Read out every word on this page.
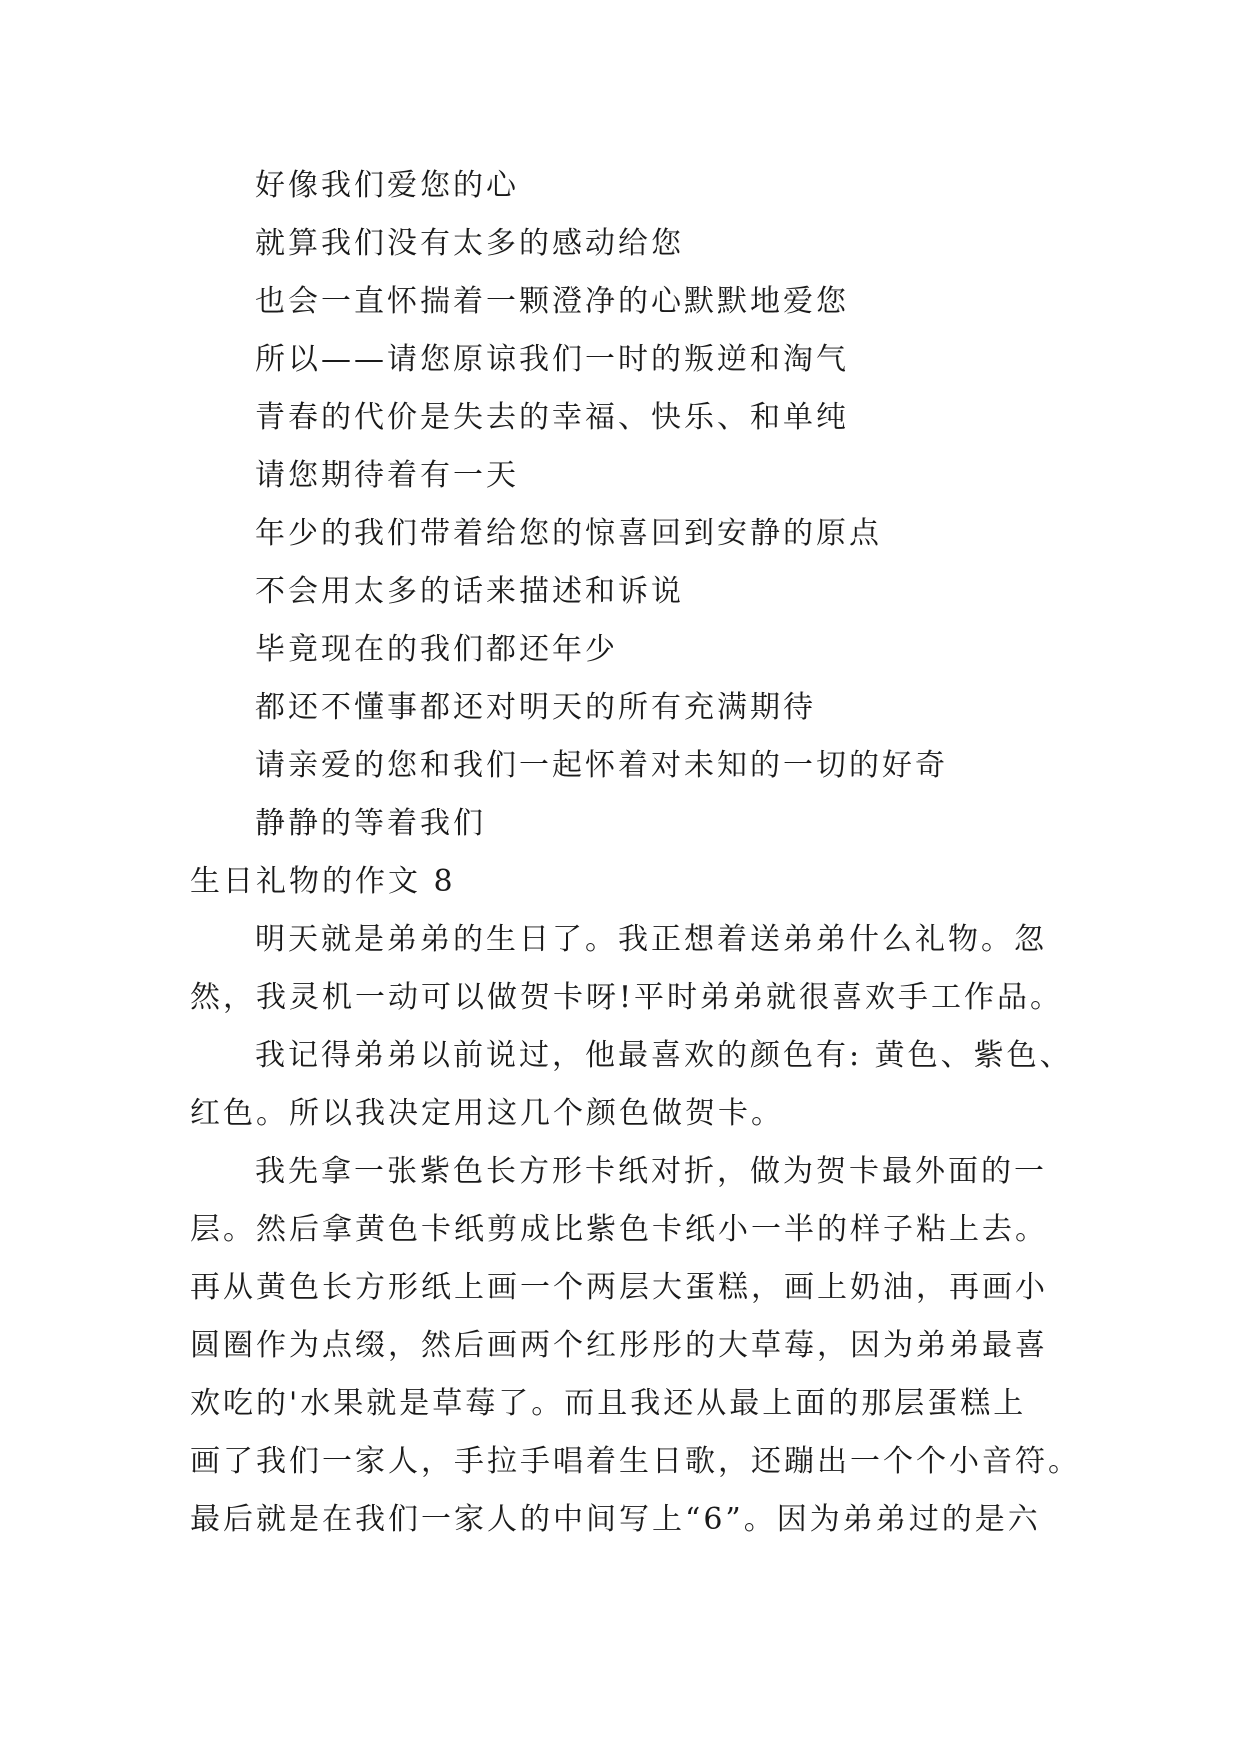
好像我们爱您的心
就算我们没有太多的感动给您
也会一直怀揣着一颗澄净的心默默地爱您
所以——请您原谅我们一时的叛逆和淘气
青春的代价是失去的幸福、快乐、和单纯
请您期待着有一天
年少的我们带着给您的惊喜回到安静的原点
不会用太多的话来描述和诉说
毕竟现在的我们都还年少
都还不懂事都还对明天的所有充满期待
请亲爱的您和我们一起怀着对未知的一切的好奇
静静的等着我们
生日礼物的作文 8
明天就是弟弟的生日了。我正想着送弟弟什么礼物。忽
然，我灵机一动可以做贺卡呀!平时弟弟就很喜欢手工作品。
我记得弟弟以前说过，他最喜欢的颜色有: 黄色、紫色、
红色。所以我决定用这几个颜色做贺卡。
我先拿一张紫色长方形卡纸对折，做为贺卡最外面的一
层。然后拿黄色卡纸剪成比紫色卡纸小一半的样子粘上去。
再从黄色长方形纸上画一个两层大蛋糕，画上奶油，再画小
圆圈作为点缀，然后画两个红彤彤的大草莓，因为弟弟最喜
欢吃的'水果就是草莓了。而且我还从最上面的那层蛋糕上
画了我们一家人，手拉手唱着生日歌，还蹦出一个个小音符。
最后就是在我们一家人的中间写上“6”。因为弟弟过的是六
